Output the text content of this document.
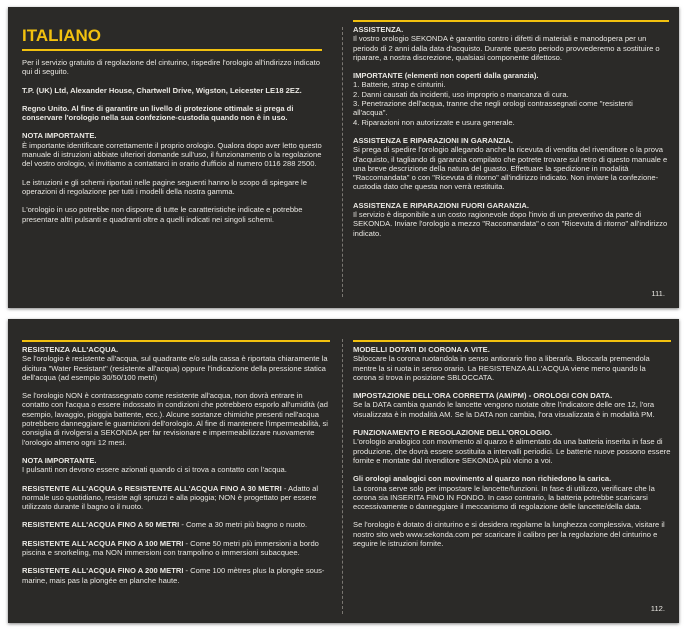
ITALIANO

Per il servizio gratuito di regolazione del cinturino, rispedire l'orologio all'indirizzo indicato qui di seguito.

T.P. (UK) Ltd, Alexander House, Chartwell Drive, Wigston, Leicester LE18 2EZ.

Regno Unito. Al fine di garantire un livello di protezione ottimale si prega di conservare l'orologio nella sua confezione-custodia quando non è in uso.

NOTA IMPORTANTE.

È importante identificare correttamente il proprio orologio. Qualora dopo aver letto questo manuale di istruzioni abbiate ulteriori domande sull'uso, il funzionamento o la regolazione del vostro orologio, vi invitiamo a contattarci in orario d'ufficio al numero 0116 288 2500.

Le istruzioni e gli schemi riportati nelle pagine seguenti hanno lo scopo di spiegare le operazioni di regolazione per tutti i modelli della nostra gamma.

L'orologio in uso potrebbe non disporre di tutte le caratteristiche indicate e potrebbe presentare altri pulsanti e quadranti oltre a quelli indicati nei singoli schemi.

ASSISTENZA.

Il vostro orologio SEKONDA è garantito contro i difetti di materiali e manodopera per un periodo di 2 anni dalla data d'acquisto. Durante questo periodo provvederemo a sostituire o riparare, a nostra discrezione, qualsiasi componente difettoso.

IMPORTANTE (elementi non coperti dalla garanzia).

1. Batterie, strap e cinturini.
2. Danni causati da incidenti, uso improprio o mancanza di cura.
3. Penetrazione dell'acqua, tranne che negli orologi contrassegnati come "resistenti all'acqua".
4. Riparazioni non autorizzate e usura generale.

ASSISTENZA E RIPARAZIONI IN GARANZIA.

Si prega di spedire l'orologio allegando anche la ricevuta di vendita del rivenditore o la prova d'acquisto, il tagliando di garanzia compilato che potrete trovare sul retro di questo manuale e una breve descrizione della natura del guasto. Effettuare la spedizione in modalità "Raccomandata" o con "Ricevuta di ritorno" all'indirizzo indicato. Non inviare la confezione-custodia dato che questa non verrà restituita.

ASSISTENZA E RIPARAZIONI FUORI GARANZIA.

Il servizio è disponibile a un costo ragionevole dopo l'invio di un preventivo da parte di SEKONDA. Inviare l'orologio a mezzo "Raccomandata" o con "Ricevuta di ritorno" all'indirizzo indicato.

111.

RESISTENZA ALL'ACQUA.

Se l'orologio è resistente all'acqua, sul quadrante e/o sulla cassa è riportata chiaramente la dicitura "Water Resistant" (resistente all'acqua) oppure l'indicazione della pressione statica dell'acqua (ad esempio 30/50/100 metri)

Se l'orologio NON è contrassegnato come resistente all'acqua, non dovrà entrare in contatto con l'acqua o essere indossato in condizioni che potrebbero esporlo all'umidità (ad esempio, lavaggio, pioggia battente, ecc.). Alcune sostanze chimiche presenti nell'acqua potrebbero danneggiare le guarnizioni dell'orologio. Al fine di mantenere l'impermeabilità, si consiglia di rivolgersi a SEKONDA per far revisionare e impermeabilizzare nuovamente l'orologio almeno ogni 12 mesi.

NOTA IMPORTANTE.

I pulsanti non devono essere azionati quando ci si trova a contatto con l'acqua.

RESISTENTE ALL'ACQUA o RESISTENTE ALL'ACQUA FINO A 30 METRI - Adatto al normale uso quotidiano, resiste agli spruzzi e alla pioggia; NON è progettato per essere utilizzato durante il bagno o il nuoto.

RESISTENTE ALL'ACQUA FINO A 50 METRI - Come a 30 metri più bagno o nuoto.

RESISTENTE ALL'ACQUA FINO A 100 METRI - Come 50 metri più immersioni a bordo piscina e snorkeling, ma NON immersioni con trampolino o immersioni subacquee.

RESISTENTE ALL'ACQUA FINO A 200 METRI - Come 100 mètres plus la plongée sous-marine, mais pas la plongée en planche haute.

MODELLI DOTATI DI CORONA A VITE.

Sbloccare la corona ruotandola in senso antiorario fino a liberarla. Bloccarla premendola mentre la si ruota in senso orario. La RESISTENZA ALL'ACQUA viene meno quando la corona si trova in posizione SBLOCCATA.

IMPOSTAZIONE DELL'ORA CORRETTA (AM/PM) - OROLOGI CON DATA.

Se la DATA cambia quando le lancette vengono ruotate oltre l'indicatore delle ore 12, l'ora visualizzata è in modalità AM. Se la DATA non cambia, l'ora visualizzata è in modalità PM.

FUNZIONAMENTO E REGOLAZIONE DELL'OROLOGIO.

L'orologio analogico con movimento al quarzo è alimentato da una batteria inserita in fase di produzione, che dovrà essere sostituita a intervalli periodici. Le batterie nuove possono essere fornite e montate dal rivenditore SEKONDA più vicino a voi.

Gli orologi analogici con movimento al quarzo non richiedono la carica.

La corona serve solo per impostare le lancette/funzioni. In fase di utilizzo, verificare che la corona sia INSERITA FINO IN FONDO. In caso contrario, la batteria potrebbe scaricarsi eccessivamente o danneggiare il meccanismo di regolazione delle lancette/della data.

Se l'orologio è dotato di cinturino e si desidera regolarne la lunghezza complessiva, visitare il nostro sito web www.sekonda.com per scaricare il calibro per la regolazione del cinturino e seguire le istruzioni fornite.

112.
